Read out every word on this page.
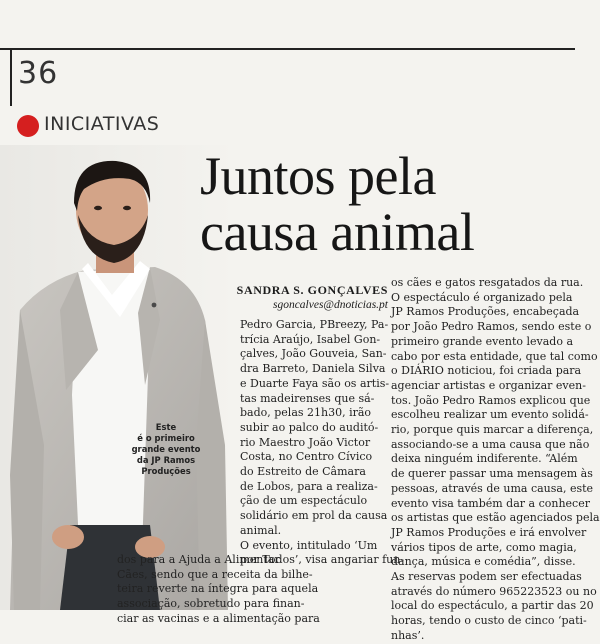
36
INICIATIVAS
Este
é o primeiro
grande evento
da JP Ramos
Produções
Juntos pela
causa animal
SANDRA S. GONÇALVES
sgoncalves@dnoticias.pt
Pedro Garcia, PBreezy, Pa-
trícia Araújo, Isabel Gon-
çalves, João Gouveia, San-
dra Barreto, Daniela Silva
e Duarte Faya são os artis-
tas madeirenses que sá-
bado, pelas 21h30, irão
subir ao palco do auditó-
rio Maestro João Victor
Costa, no Centro Cívico
do Estreito de Câmara
de Lobos, para a realiza-
ção de um espectáculo
solidário em prol da causa
animal.
O evento, intitulado ‘Um
por Todos’, visa angariar fun-
dos para a Ajuda a Alimentar
Cães, sendo que a receita da bilhe-
teira reverte na íntegra para aquela
associação, sobretudo para finan-
ciar as vacinas e a alimentação para
os cães e gatos resgatados da rua.
O espectáculo é organizado pela
JP Ramos Produções, encabeçada
por João Pedro Ramos, sendo este o
primeiro grande evento levado a
cabo por esta entidade, que tal como
o DIÁRIO noticiou, foi criada para
agenciar artistas e organizar even-
tos. João Pedro Ramos explicou que
escolheu realizar um evento solidá-
rio, porque quis marcar a diferença,
associando-se a uma causa que não
deixa ninguém indiferente. “Além
de querer passar uma mensagem às
pessoas, através de uma causa, este
evento visa também dar a conhecer
os artistas que estão agenciados pela
JP Ramos Produções e irá envolver
vários tipos de arte, como magia,
dança, música e comédia”, disse.
As reservas podem ser efectuadas
através do número 965223523 ou no
local do espectáculo, a partir das 20
horas, tendo o custo de cinco ‘pati-
nhas’.
